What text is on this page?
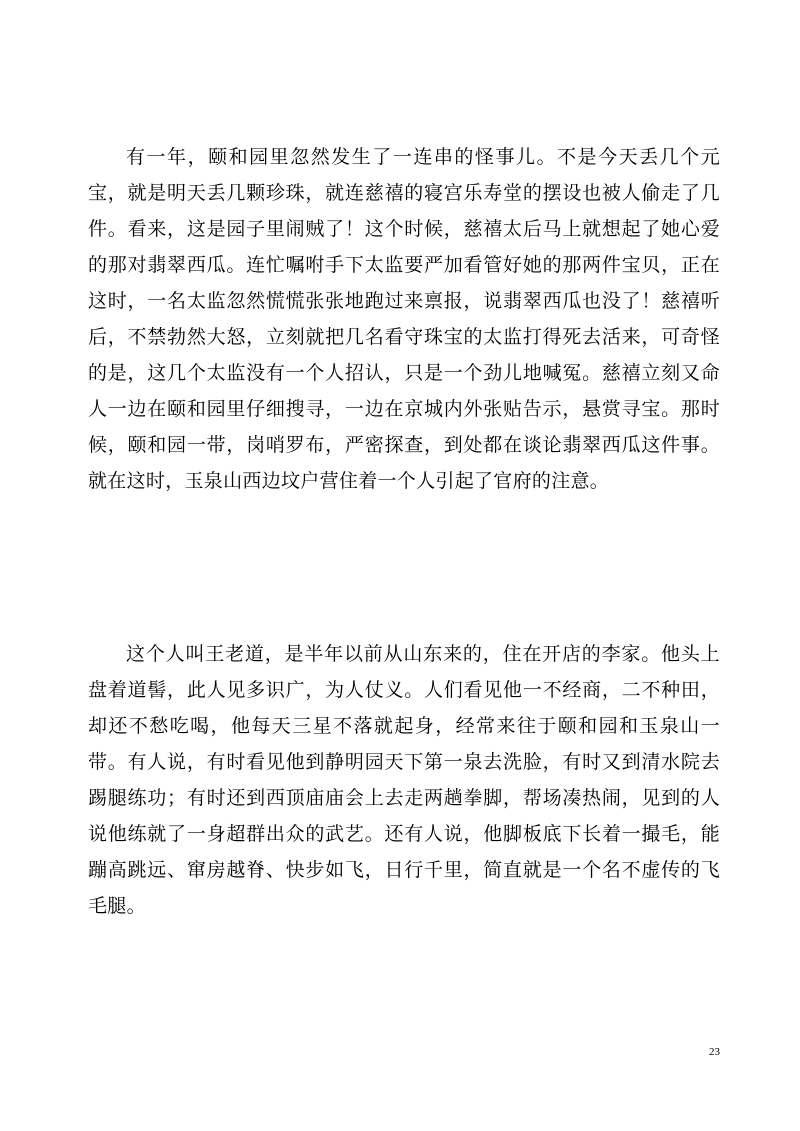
有一年，颐和园里忽然发生了一连串的怪事儿。不是今天丢几个元宝，就是明天丢几颗珍珠，就连慈禧的寝宫乐寿堂的摆设也被人偷走了几件。看来，这是园子里闹贼了！这个时候，慈禧太后马上就想起了她心爱的那对翡翠西瓜。连忙嘱咐手下太监要严加看管好她的那两件宝贝，正在这时，一名太监忽然慌慌张张地跑过来禀报，说翡翠西瓜也没了！慈禧听后，不禁勃然大怒，立刻就把几名看守珠宝的太监打得死去活来，可奇怪的是，这几个太监没有一个人招认，只是一个劲儿地喊冤。慈禧立刻又命人一边在颐和园里仔细搜寻，一边在京城内外张贴告示，悬赏寻宝。那时候，颐和园一带，岗哨罗布，严密探查，到处都在谈论翡翠西瓜这件事。就在这时，玉泉山西边坟户营住着一个人引起了官府的注意。

这个人叫王老道，是半年以前从山东来的，住在开店的李家。他头上盘着道髻，此人见多识广，为人仗义。人们看见他一不经商，二不种田，却还不愁吃喝，他每天三星不落就起身，经常来往于颐和园和玉泉山一带。有人说，有时看见他到静明园天下第一泉去洗脸，有时又到清水院去踢腿练功；有时还到西顶庙庙会上去走两趟拳脚，帮场凑热闹，见到的人说他练就了一身超群出众的武艺。还有人说，他脚板底下长着一撮毛，能蹦高跳远、窜房越脊、快步如飞，日行千里，简直就是一个名不虚传的飞毛腿。

23
